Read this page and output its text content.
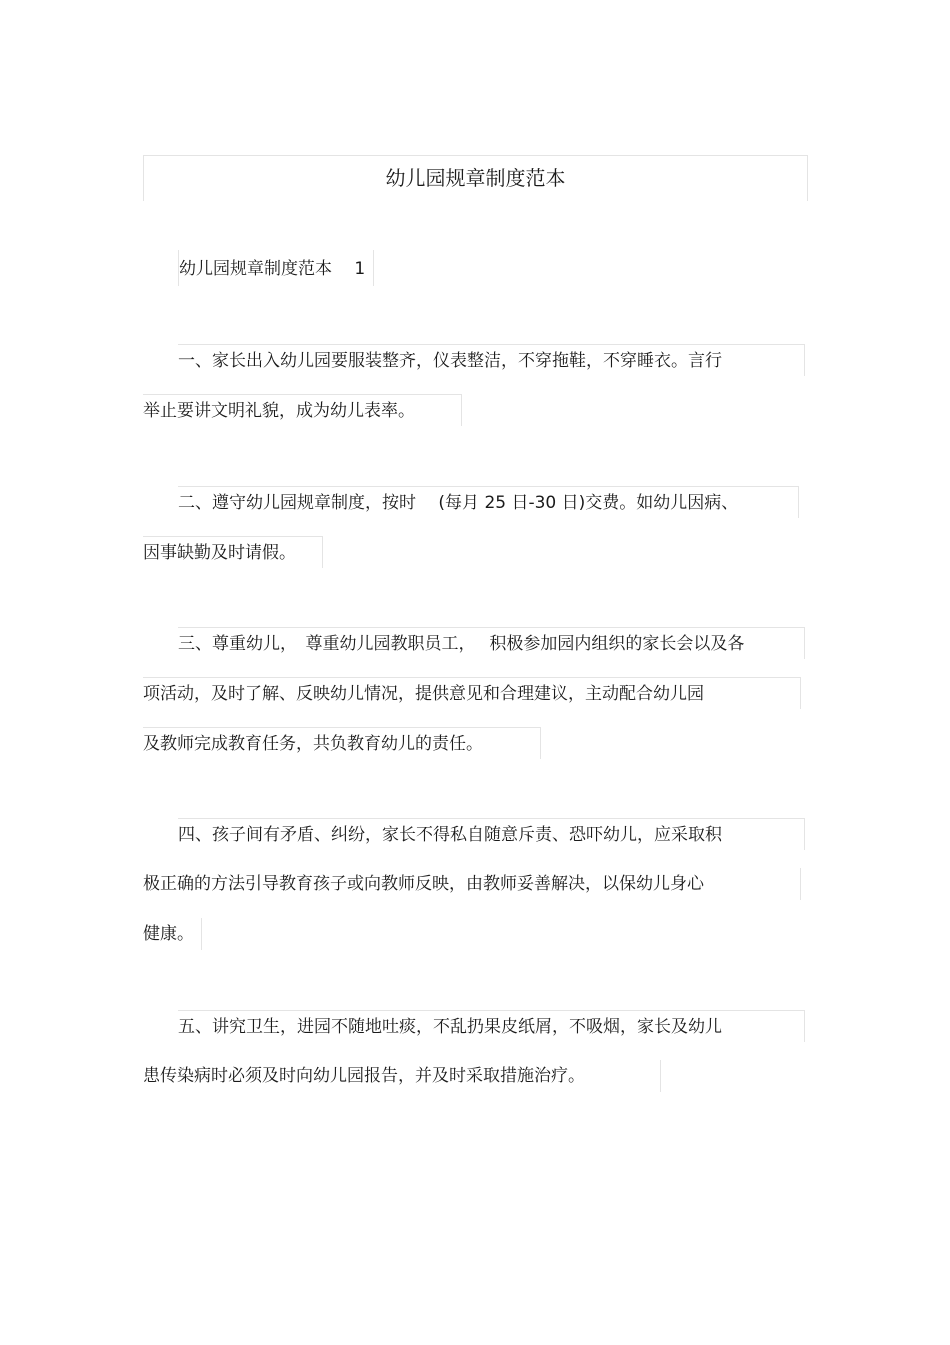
幼儿园规章制度范本
幼儿园规章制度范本　 1
一、家长出入幼儿园要服装整齐，仪表整洁，不穿拖鞋，不穿睡衣。言行
举止要讲文明礼貌，成为幼儿表率。
二、遵守幼儿园规章制度，按时　 (每月 25 日-30 日)交费。如幼儿因病、
因事缺勤及时请假。
三、尊重幼儿，　尊重幼儿园教职员工，　 积极参加园内组织的家长会以及各
项活动，及时了解、反映幼儿情况，提供意见和合理建议，主动配合幼儿园
及教师完成教育任务，共负教育幼儿的责任。
四、孩子间有矛盾、纠纷，家长不得私自随意斥责、恐吓幼儿，应采取积
极正确的方法引导教育孩子或向教师反映，由教师妥善解决，以保幼儿身心
健康。
五、讲究卫生，进园不随地吐痰，不乱扔果皮纸屑，不吸烟，家长及幼儿
患传染病时必须及时向幼儿园报告，并及时采取措施治疗。
